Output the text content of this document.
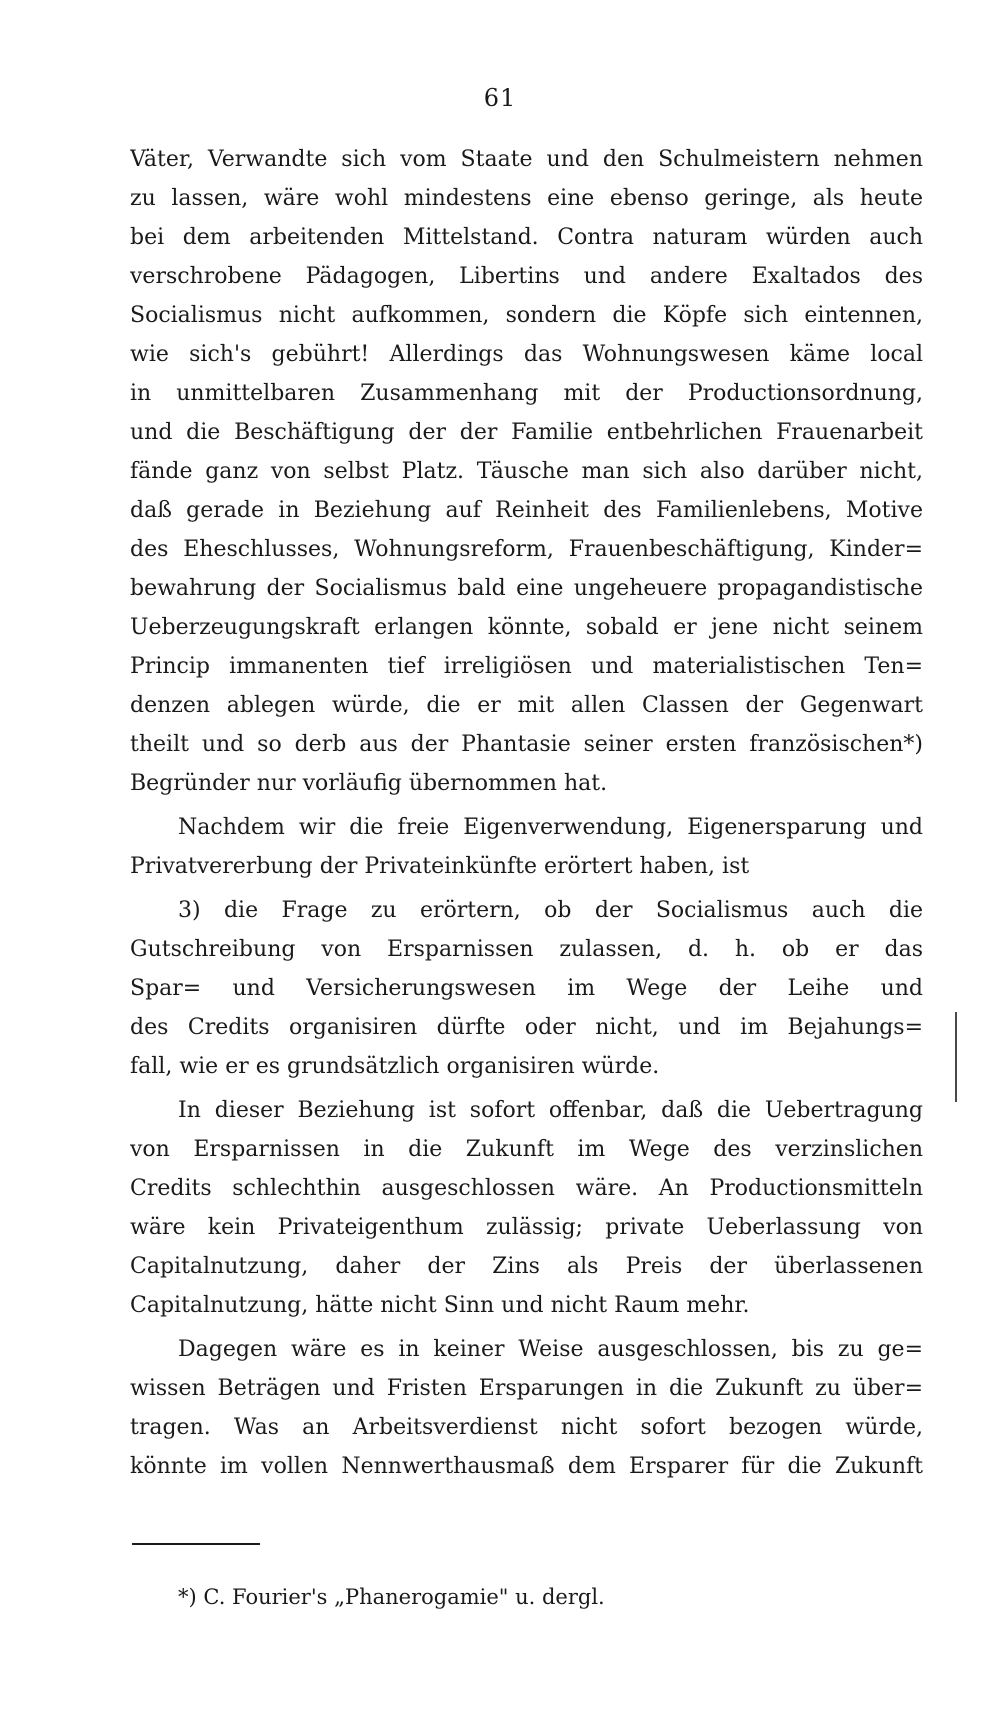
61
Väter, Verwandte sich vom Staate und den Schulmeistern nehmen
zu lassen, wäre wohl mindestens eine ebenso geringe, als heute
bei dem arbeitenden Mittelstand. Contra naturam würden auch
verschrobene Pädagogen, Libertins und andere Exaltados des
Socialismus nicht aufkommen, sondern die Köpfe sich eintennen,
wie sich's gebührt! Allerdings das Wohnungswesen käme local
in unmittelbaren Zusammenhang mit der Productionsordnung,
und die Beschäftigung der der Familie entbehrlichen Frauenarbeit
fände ganz von selbst Platz. Täusche man sich also darüber nicht,
daß gerade in Beziehung auf Reinheit des Familienlebens, Motive
des Eheschlusses, Wohnungsreform, Frauenbeschäftigung, Kinder=
bewahrung der Socialismus bald eine ungeheuere propagandistische
Ueberzeugungskraft erlangen könnte, sobald er jene nicht seinem
Princip immanenten tief irreligiösen und materialistischen Ten=
denzen ablegen würde, die er mit allen Classen der Gegenwart
theilt und so derb aus der Phantasie seiner ersten französischen*)
Begründer nur vorläufig übernommen hat.
Nachdem wir die freie Eigenverwendung, Eigenersparung und
Privatvererbung der Privateinkünfte erörtert haben, ist
3) die Frage zu erörtern, ob der Socialismus auch die
Gutschreibung von Ersparnissen zulassen, d. h. ob er das
Spar= und Versicherungswesen im Wege der Leihe und
des Credits organisiren dürfte oder nicht, und im Bejahungs=
fall, wie er es grundsätzlich organisiren würde.
In dieser Beziehung ist sofort offenbar, daß die Uebertragung
von Ersparnissen in die Zukunft im Wege des verzinslichen
Credits schlechthin ausgeschlossen wäre. An Productionsmitteln
wäre kein Privateigenthum zulässig; private Ueberlassung von
Capitalnutzung, daher der Zins als Preis der überlassenen
Capitalnutzung, hätte nicht Sinn und nicht Raum mehr.
Dagegen wäre es in keiner Weise ausgeschlossen, bis zu ge=
wissen Beträgen und Fristen Ersparungen in die Zukunft zu über=
tragen. Was an Arbeitsverdienst nicht sofort bezogen würde,
könnte im vollen Nennwerthausmaß dem Ersparer für die Zukunft
*) C. Fourier's „Phanerogamie" u. dergl.
